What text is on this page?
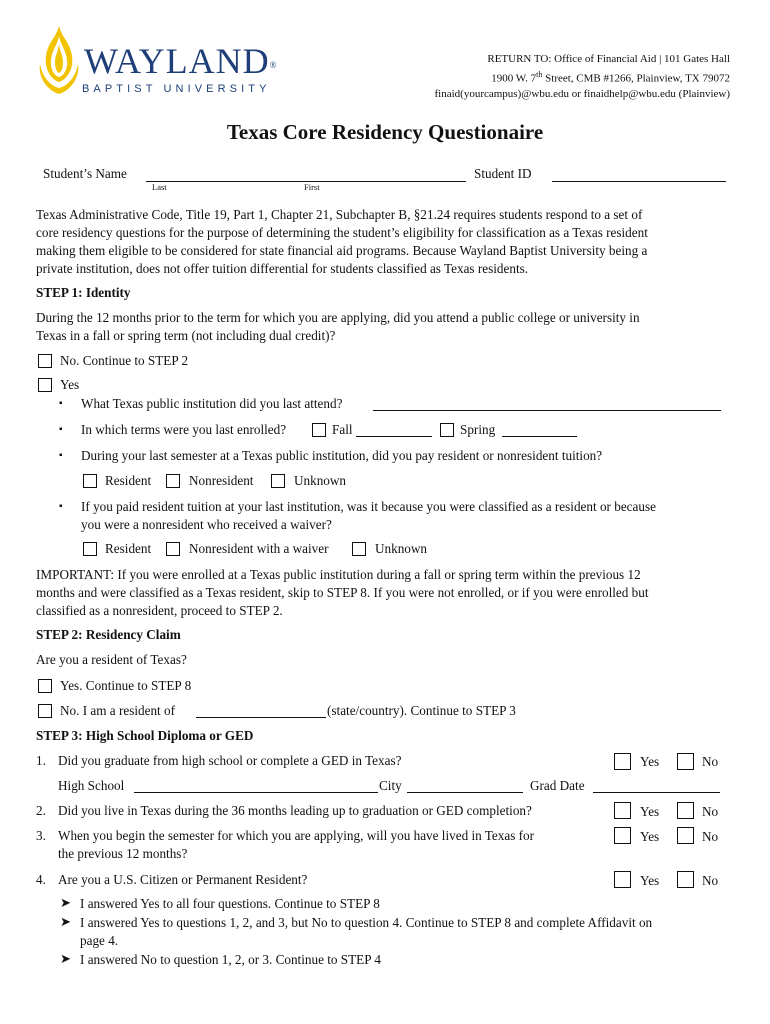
WAYLAND®
BAPTIST UNIVERSITY
RETURN TO: Office of Financial Aid | 101 Gates Hall
1900 W. 7th Street, CMB #1266, Plainview, TX 79072
finaid(yourcampus)@wbu.edu or finaidhelp@wbu.edu (Plainview)
Texas Core Residency Questionaire
Student’s Name
Last	First
Student ID
Texas Administrative Code, Title 19, Part 1, Chapter 21, Subchapter B, §21.24 requires students respond to a set of
core residency questions for the purpose of determining the student’s eligibility for classification as a Texas resident
making them eligible to be considered for state financial aid programs. Because Wayland Baptist University being a
private institution, does not offer tuition differential for students classified as Texas residents.
STEP 1: Identity
During the 12 months prior to the term for which you are applying, did you attend a public college or university in
Texas in a fall or spring term (not including dual credit)?
No. Continue to STEP 2
Yes
▪ What Texas public institution did you last attend?
▪ In which terms were you last enrolled?	Fall	Spring
▪ During your last semester at a Texas public institution, did you pay resident or nonresident tuition?
Resident	Nonresident	Unknown
▪ If you paid resident tuition at your last institution, was it because you were classified as a resident or because
you were a nonresident who received a waiver?
Resident	Nonresident with a waiver	Unknown
IMPORTANT: If you were enrolled at a Texas public institution during a fall or spring term within the previous 12
months and were classified as a Texas resident, skip to STEP 8. If you were not enrolled, or if you were enrolled but
classified as a nonresident, proceed to STEP 2.
STEP 2: Residency Claim
Are you a resident of Texas?
Yes. Continue to STEP 8
No. I am a resident of	(state/country). Continue to STEP 3
STEP 3: High School Diploma or GED
1. Did you graduate from high school or complete a GED in Texas?	Yes	No
High School	City	Grad Date
2. Did you live in Texas during the 36 months leading up to graduation or GED completion?	Yes	No
3. When you begin the semester for which you are applying, will you have lived in Texas for
the previous 12 months?
Yes	No
4. Are you a U.S. Citizen or Permanent Resident?	Yes	No
➤ I answered Yes to all four questions. Continue to STEP 8
➤ I answered Yes to questions 1, 2, and 3, but No to question 4. Continue to STEP 8 and complete Affidavit on
page 4.
➤ I answered No to question 1, 2, or 3. Continue to STEP 4
